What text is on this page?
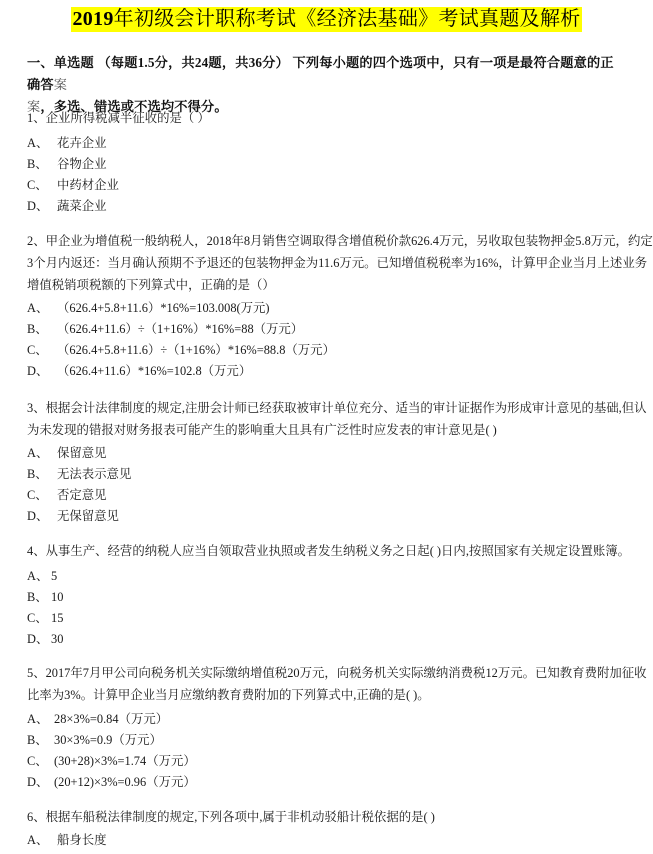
2019年初级会计职称考试《经济法基础》考试真题及解析
一、单选题 （每题1.5分，共24题，共36分） 下列每小题的四个选项中，只有一项是最符合题意的正确答案
案，多选、错选或不选均不得分。
1、企业所得税减半征收的是（ ）
A、 花卉企业
B、 谷物企业
C、 中药材企业
D、 蔬菜企业
2、甲企业为增值税一般纳税人，2018年8月销售空调取得含增值税价款626.4万元，另收取包装物押金5.8万元，约定
3个月内返还：当月确认预期不予退还的包装物押金为11.6万元。已知增值税税率为16%，计算甲企业当月上述业务
增值税销项税额的下列算式中，正确的是（）
A、 （626.4+5.8+11.6）*16%=103.008(万元)
B、 （626.4+11.6）÷（1+16%）*16%=88（万元）
C、 （626.4+5.8+11.6）÷（1+16%）*16%=88.8（万元）
D、 （626.4+11.6）*16%=102.8（万元）
3、根据会计法律制度的规定,注册会计师已经获取被审计单位充分、适当的审计证据作为形成审计意见的基础,但认
为未发现的错报对财务报表可能产生的影响重大且具有广泛性时应发表的审计意见是( )
A、 保留意见
B、 无法表示意见
C、 否定意见
D、 无保留意见
4、从事生产、经营的纳税人应当自领取营业执照或者发生纳税义务之日起( )日内,按照国家有关规定设置账簿。
A、 5
B、 10
C、 15
D、 30
5、2017年7月甲公司向税务机关实际缴纳增值税20万元，向税务机关实际缴纳消费税12万元。已知教育费附加征收
比率为3%。计算甲企业当月应缴纳教育费附加的下列算式中,正确的是( )。
A、 28×3%=0.84（万元）
B、 30×3%=0.9（万元）
C、 (30+28)×3%=1.74（万元）
D、 (20+12)×3%=0.96（万元）
6、根据车船税法律制度的规定,下列各项中,属于非机动驳船计税依据的是( )
A、 船身长度
